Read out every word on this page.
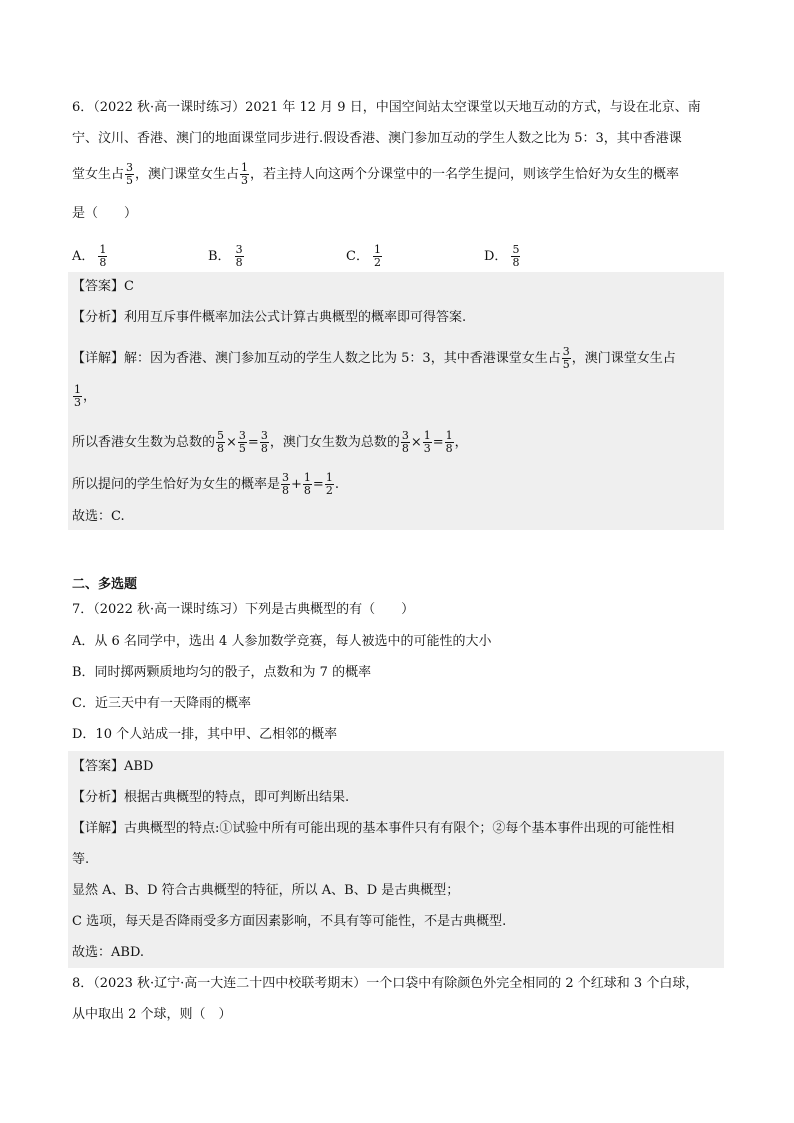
6．（2022 秋·高一课时练习）2021 年 12 月 9 日，中国空间站太空课堂以天地互动的方式，与设在北京、南
宁、汶川、香港、澳门的地面课堂同步进行.假设香港、澳门参加互动的学生人数之比为 5：3，其中香港课
堂女生占 $\frac{3}{5}$ ，澳门课堂女生占 $\frac{1}{3}$ ，若主持人向这两个分课堂中的一名学生提问，则该学生恰好为女生的概率
是（　　）
A． $\frac{1}{8}$	B． $\frac{3}{8}$	C． $\frac{1}{2}$	D． $\frac{5}{8}$
【答案】C
【分析】利用互斥事件概率加法公式计算古典概型的概率即可得答案.
【详解】解：因为香港、澳门参加互动的学生人数之比为 5：3，其中香港课堂女生占 $\frac{3}{5}$ ，澳门课堂女生占
$\frac{1}{3}$ ，
所以香港女生数为总数的 $\frac{5}{8} \times \frac{3}{5} = \frac{3}{8}$ ，澳门女生数为总数的 $\frac{3}{8} \times \frac{1}{3} = \frac{1}{8}$ ，
所以提问的学生恰好为女生的概率是 $\frac{3}{8} + \frac{1}{8} = \frac{1}{2}$ .
故选：C.
二、多选题
7．（2022 秋·高一课时练习）下列是古典概型的有（　　）
A．从 6 名同学中，选出 4 人参加数学竞赛，每人被选中的可能性的大小
B．同时掷两颗质地均匀的骰子，点数和为 7 的概率
C．近三天中有一天降雨的概率
D．10 个人站成一排，其中甲、乙相邻的概率
【答案】ABD
【分析】根据古典概型的特点，即可判断出结果.
【详解】古典概型的特点:①试验中所有可能出现的基本事件只有有限个；②每个基本事件出现的可能性相
等.
显然 A、B、D 符合古典概型的特征，所以 A、B、D 是古典概型；
C 选项，每天是否降雨受多方面因素影响，不具有等可能性，不是古典概型.
故选：ABD.
8．（2023 秋·辽宁·高一大连二十四中校联考期末）一个口袋中有除颜色外完全相同的 2 个红球和 3 个白球，
从中取出 2 个球，则（　）
